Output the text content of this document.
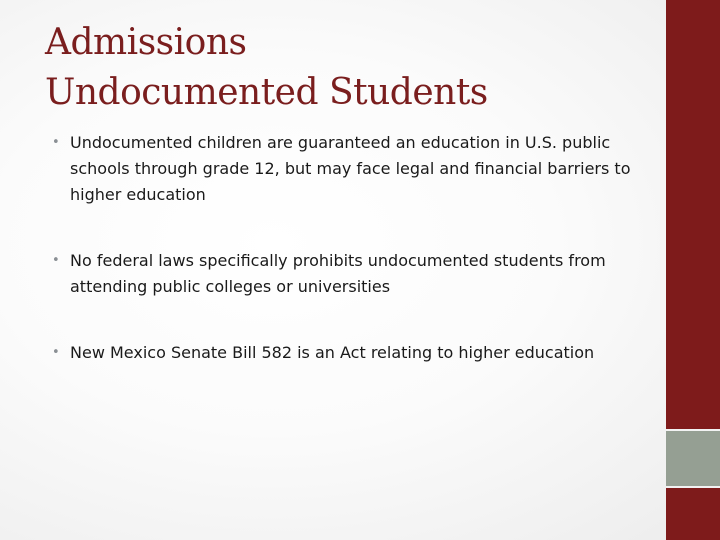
Admissions
Undocumented Students
• Undocumented children are guaranteed an education in U.S. public schools through grade 12, but may face legal and financial barriers to higher education
• No federal laws specifically prohibits undocumented students from attending public colleges or universities
• New Mexico Senate Bill 582 is an Act relating to higher education
